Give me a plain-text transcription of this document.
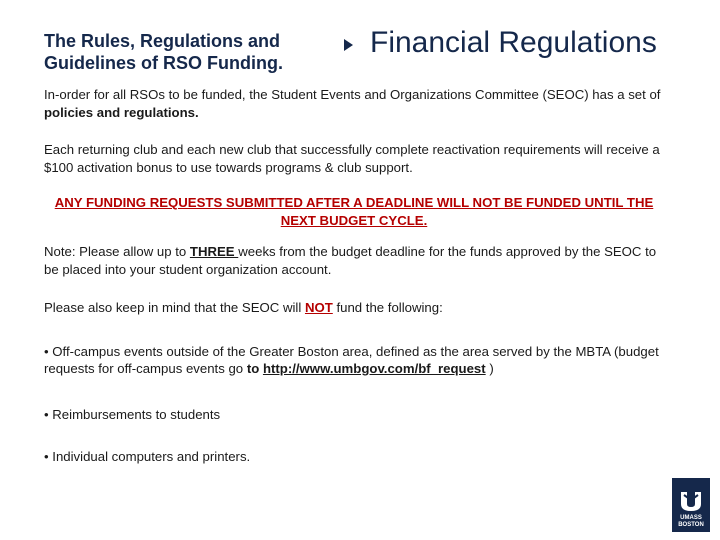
The Rules, Regulations and Guidelines of RSO Funding.
Financial Regulations

In-order for all RSOs to be funded, the Student Events and Organizations Committee (SEOC) has a set of policies and regulations.

Each returning club and each new club that successfully complete reactivation requirements will receive a $100 activation bonus to use towards programs & club support.

ANY FUNDING REQUESTS SUBMITTED AFTER A DEADLINE WILL NOT BE FUNDED UNTIL THE NEXT BUDGET CYCLE.

Note: Please allow up to THREE weeks from the budget deadline for the funds approved by the SEOC to be placed into your student organization account.

Please also keep in mind that the SEOC will NOT fund the following:

• Off-campus events outside of the Greater Boston area, defined as the area served by the MBTA (budget requests for off-campus events go to http://www.umbgov.com/bf_request )

• Reimbursements to students

• Individual computers and printers.

UMASS
BOSTON
